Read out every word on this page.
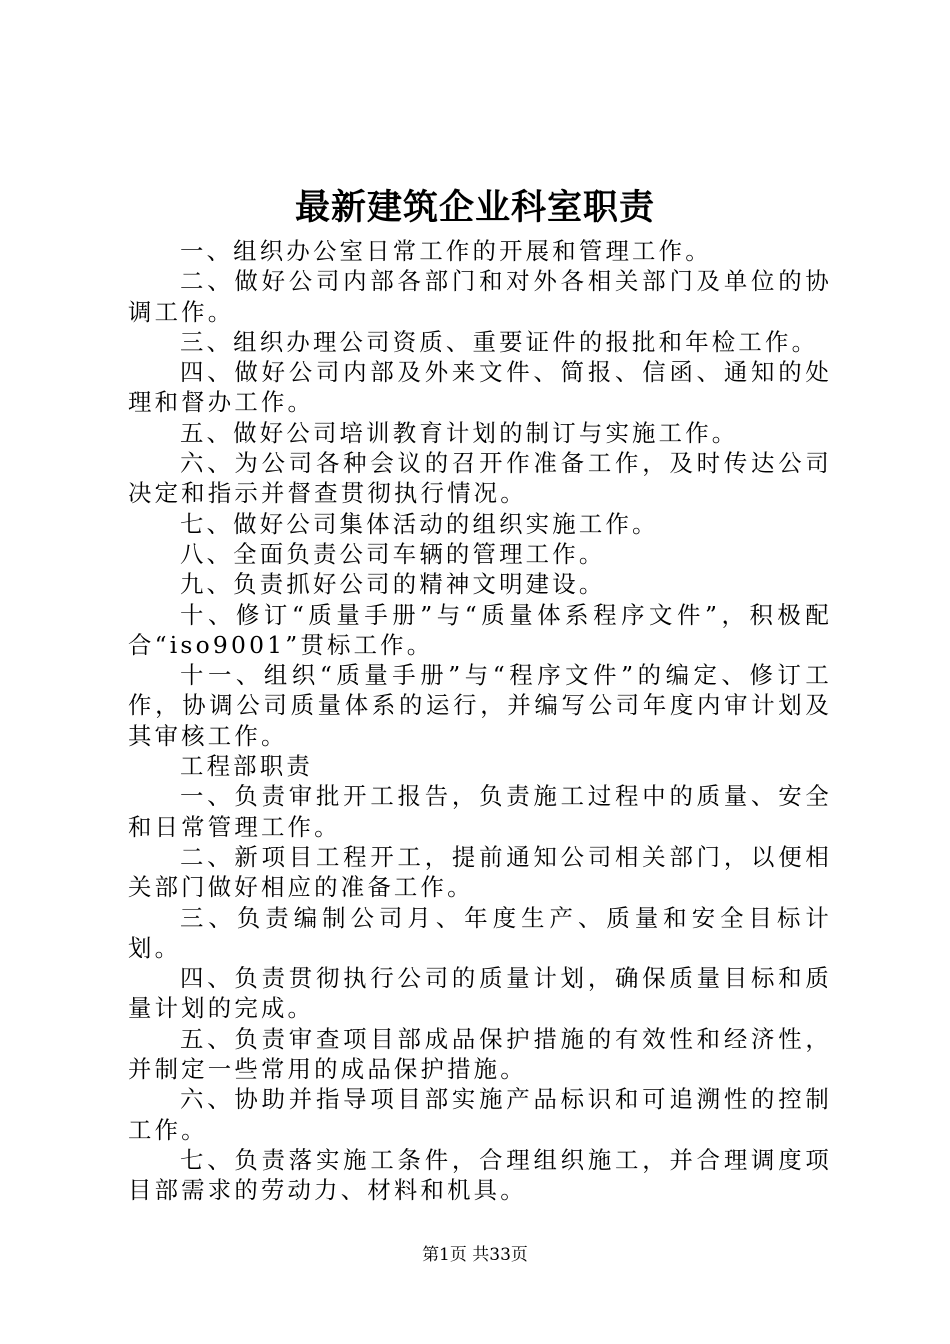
最新建筑企业科室职责

一、组织办公室日常工作的开展和管理工作。

二、做好公司内部各部门和对外各相关部门及单位的协调工作。

三、组织办理公司资质、重要证件的报批和年检工作。

四、做好公司内部及外来文件、简报、信函、通知的处理和督办工作。

五、做好公司培训教育计划的制订与实施工作。

六、为公司各种会议的召开作准备工作，及时传达公司决定和指示并督查贯彻执行情况。

七、做好公司集体活动的组织实施工作。

八、全面负责公司车辆的管理工作。

九、负责抓好公司的精神文明建设。

十、修订“质量手册”与“质量体系程序文件”，积极配合“iso9001”贯标工作。

十一、组织“质量手册”与“程序文件”的编定、修订工作，协调公司质量体系的运行，并编写公司年度内审计划及其审核工作。

工程部职责

一、负责审批开工报告，负责施工过程中的质量、安全和日常管理工作。

二、新项目工程开工，提前通知公司相关部门，以便相关部门做好相应的准备工作。

三、负责编制公司月、年度生产、质量和安全目标计划。

四、负责贯彻执行公司的质量计划，确保质量目标和质量计划的完成。

五、负责审查项目部成品保护措施的有效性和经济性，并制定一些常用的成品保护措施。

六、协助并指导项目部实施产品标识和可追溯性的控制工作。

七、负责落实施工条件，合理组织施工，并合理调度项目部需求的劳动力、材料和机具。

第1页 共33页
